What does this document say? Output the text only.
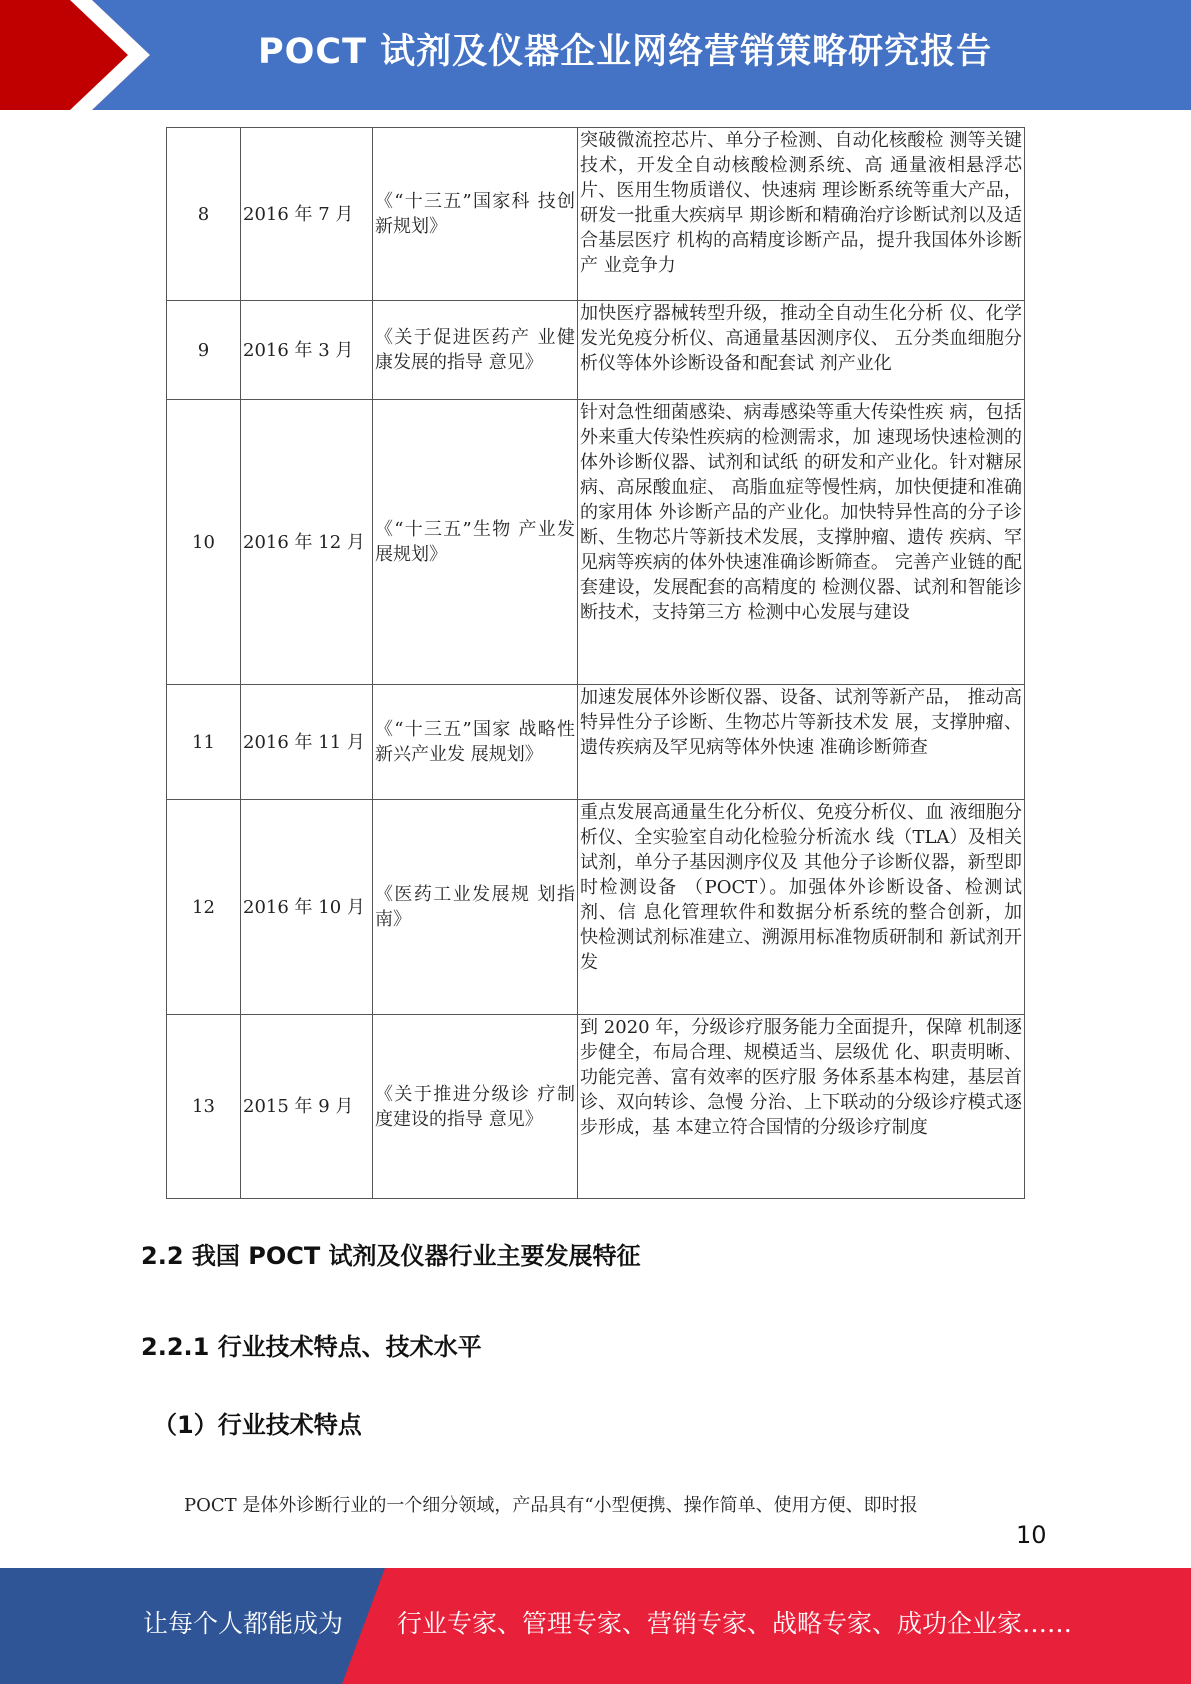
POCT 试剂及仪器企业网络营销策略研究报告
8	2016 年 7 月	《“十三五”国家科 技创新规划》	突破微流控芯片、单分子检测、自动化核酸检 测等关键技术，开发全自动核酸检测系统、高 通量液相悬浮芯片、医用生物质谱仪、快速病 理诊断系统等重大产品，研发一批重大疾病早 期诊断和精确治疗诊断试剂以及适合基层医疗 机构的高精度诊断产品，提升我国体外诊断产 业竞争力

9	2016 年 3 月	《关于促进医药产 业健康发展的指导 意见》	加快医疗器械转型升级，推动全自动生化分析 仪、化学发光免疫分析仪、高通量基因测序仪、 五分类血细胞分析仪等体外诊断设备和配套试 剂产业化

10	2016 年 12 月	《“十三五”生物 产业发展规划》	针对急性细菌感染、病毒感染等重大传染性疾 病，包括外来重大传染性疾病的检测需求，加 速现场快速检测的体外诊断仪器、试剂和试纸 的研发和产业化。针对糖尿病、高尿酸血症、 高脂血症等慢性病，加快便捷和准确的家用体 外诊断产品的产业化。加快特异性高的分子诊 断、生物芯片等新技术发展，支撑肿瘤、遗传 疾病、罕见病等疾病的体外快速准确诊断筛查。 完善产业链的配套建设，发展配套的高精度的 检测仪器、试剂和智能诊断技术，支持第三方 检测中心发展与建设

11	2016 年 11 月	《“十三五”国家 战略性新兴产业发 展规划》	加速发展体外诊断仪器、设备、试剂等新产品， 推动高特异性分子诊断、生物芯片等新技术发 展，支撑肿瘤、遗传疾病及罕见病等体外快速 准确诊断筛查

12	2016 年 10 月	《医药工业发展规 划指南》	重点发展高通量生化分析仪、免疫分析仪、血 液细胞分析仪、全实验室自动化检验分析流水 线（TLA）及相关试剂，单分子基因测序仪及 其他分子诊断仪器，新型即时检测设备 （POCT）。加强体外诊断设备、检测试剂、信 息化管理软件和数据分析系统的整合创新，加 快检测试剂标准建立、溯源用标准物质研制和 新试剂开发

13	2015 年 9 月	《关于推进分级诊 疗制度建设的指导 意见》	到 2020 年，分级诊疗服务能力全面提升，保障 机制逐步健全，布局合理、规模适当、层级优 化、职责明晰、功能完善、富有效率的医疗服 务体系基本构建，基层首诊、双向转诊、急慢 分治、上下联动的分级诊疗模式逐步形成，基 本建立符合国情的分级诊疗制度
2.2 我国 POCT 试剂及仪器行业主要发展特征
2.2.1 行业技术特点、技术水平
（1）行业技术特点
POCT 是体外诊断行业的一个细分领域，产品具有“小型便携、操作简单、使用方便、即时报
10
让每个人都能成为 行业专家、管理专家、营销专家、战略专家、成功企业家……
